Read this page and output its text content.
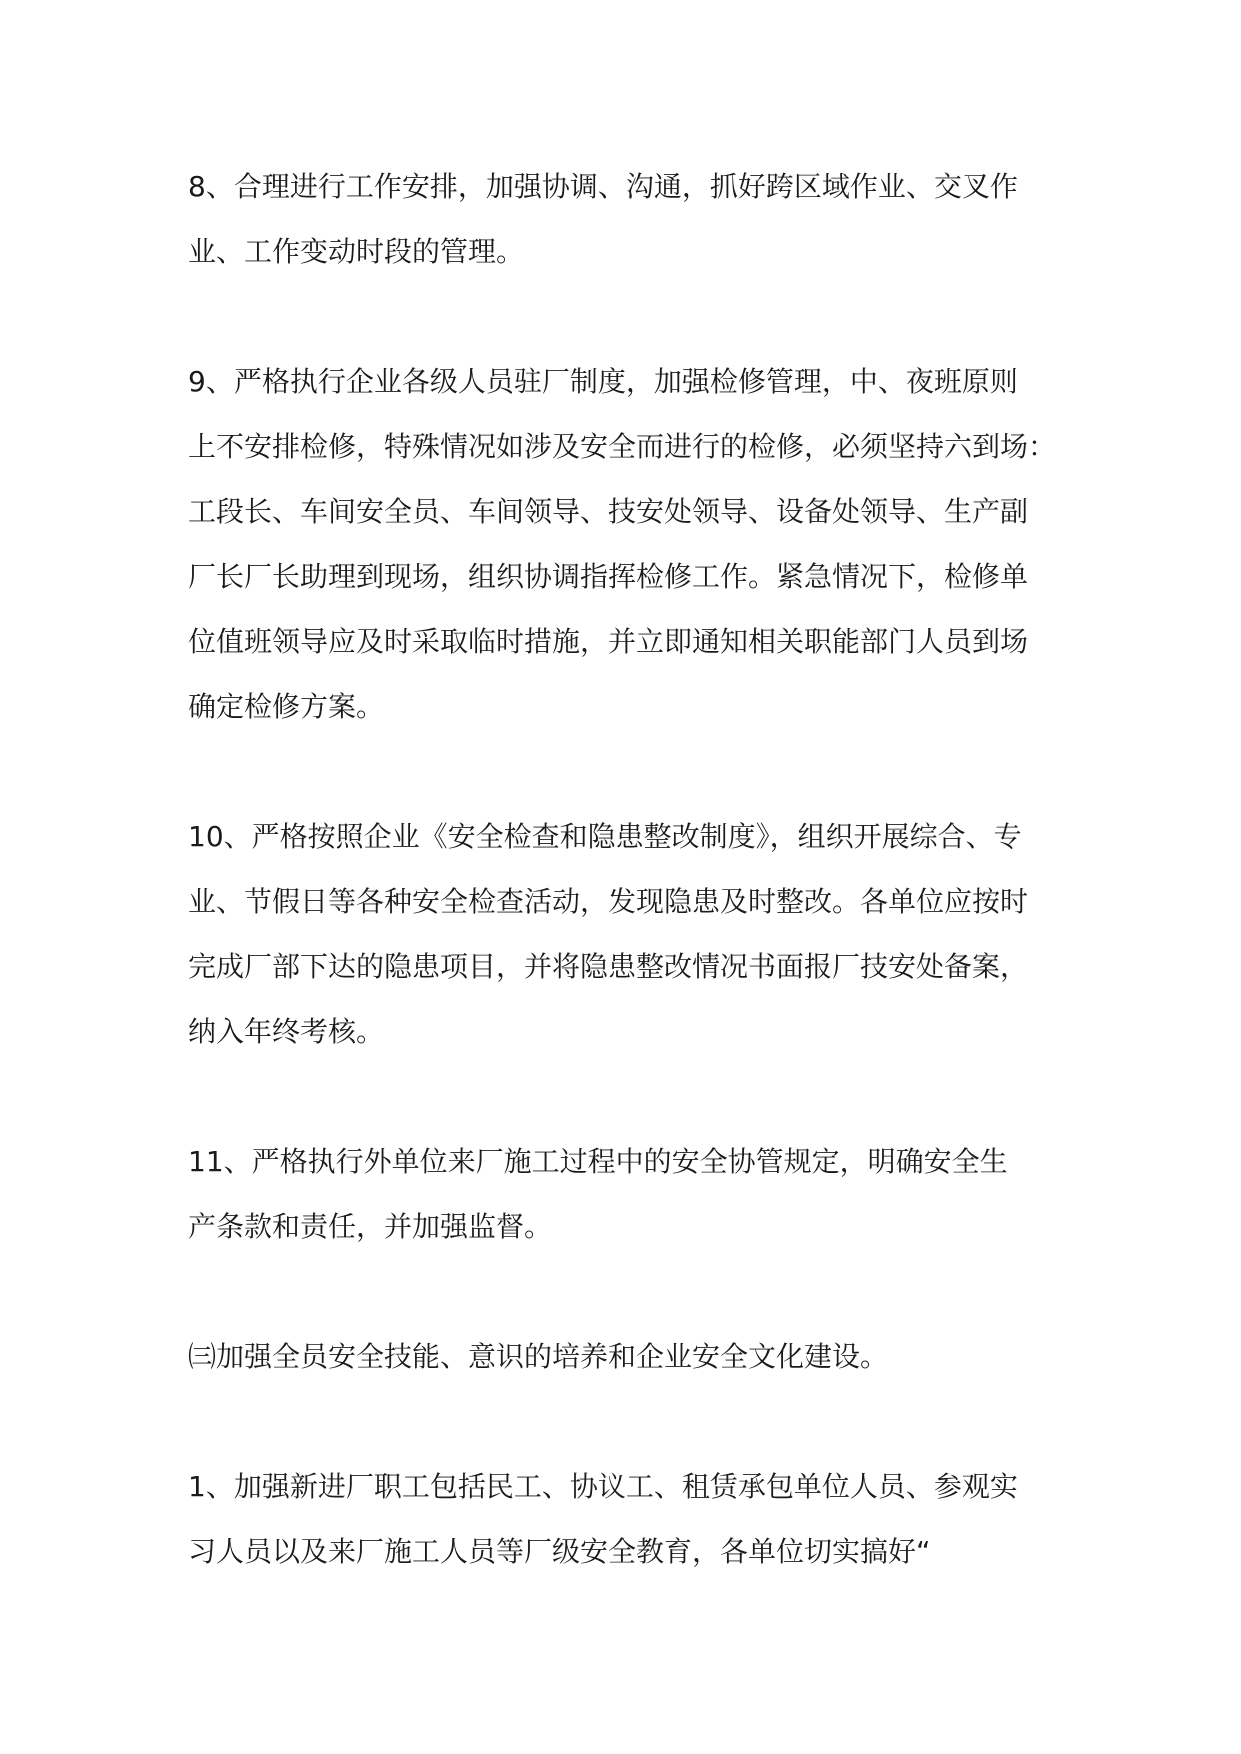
8、合理进行工作安排，加强协调、沟通，抓好跨区域作业、交叉作
业、工作变动时段的管理。

9、严格执行企业各级人员驻厂制度，加强检修管理，中、夜班原则
上不安排检修，特殊情况如涉及安全而进行的检修，必须坚持六到场：
工段长、车间安全员、车间领导、技安处领导、设备处领导、生产副
厂长厂长助理到现场，组织协调指挥检修工作。紧急情况下，检修单
位值班领导应及时采取临时措施，并立即通知相关职能部门人员到场
确定检修方案。

10、严格按照企业《安全检查和隐患整改制度》，组织开展综合、专
业、节假日等各种安全检查活动，发现隐患及时整改。各单位应按时
完成厂部下达的隐患项目，并将隐患整改情况书面报厂技安处备案，
纳入年终考核。

11、严格执行外单位来厂施工过程中的安全协管规定，明确安全生
产条款和责任，并加强监督。

㈢加强全员安全技能、意识的培养和企业安全文化建设。

1、加强新进厂职工包括民工、协议工、租赁承包单位人员、参观实
习人员以及来厂施工人员等厂级安全教育，各单位切实搞好“
